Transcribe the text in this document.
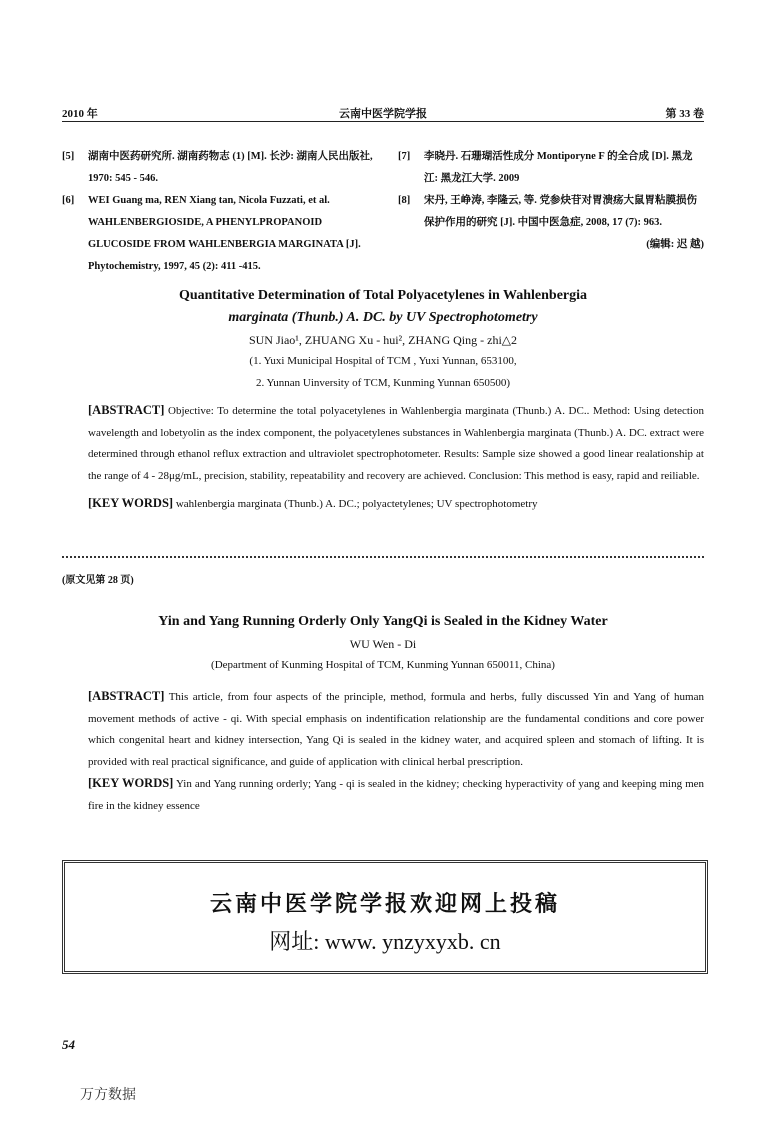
2010 年	云南中医学院学报	第 33 卷
[5] 湖南中医药研究所. 湖南药物志 (1) [M]. 长沙: 湖南人民出版社, 1970: 545 - 546.
[6] WEI Guang ma, REN Xiang tan, Nicola Fuzzati, et al. WAHLENBERGIOSIDE, A PHENYLPROPANOID GLUCOSIDE FROM WAHLENBERGIA MARGINATA [J]. Phytochemistry, 1997, 45 (2): 411 -415.
[7] 李晓丹. 石珊瑚活性成分 Montiporyne F 的全合成 [D]. 黑龙江: 黑龙江大学. 2009
[8] 宋丹, 王峥涛, 李隆云, 等. 党参炔苷对胃溃疡大鼠胃粘膜损伤保护作用的研究 [J]. 中国中医急症, 2008, 17 (7): 963.
(编辑: 迟 越)
Quantitative Determination of Total Polyacetylenes in Wahlenbergia
marginata (Thunb.) A. DC. by UV Spectrophotometry
SUN Jiao¹, ZHUANG Xu - hui², ZHANG Qing - zhi△2
(1. Yuxi Municipal Hospital of TCM , Yuxi Yunnan, 653100,
2. Yunnan Uinversity of TCM, Kunming Yunnan 650500)
[ABSTRACT] Objective: To determine the total polyacetylenes in Wahlenbergia marginata (Thunb.) A. DC.. Method: Using detection wavelength and lobetyolin as the index component, the polyacetylenes substances in Wahlenbergia marginata (Thunb.) A. DC. extract were determined through ethanol reflux extraction and ultraviolet spectrophotometer. Results: Sample size showed a good linear realationship at the range of 4 - 28μg/mL, precision, stability, repeatability and recovery are achieved. Conclusion: This method is easy, rapid and reiliable.
[KEY WORDS] wahlenbergia marginata (Thunb.) A. DC.; polyactetylenes; UV spectrophotometry
(原文见第 28 页)
Yin and Yang Running Orderly Only YangQi is Sealed in the Kidney Water
WU Wen - Di
(Department of Kunming Hospital of TCM, Kunming Yunnan 650011, China)
[ABSTRACT] This article, from four aspects of the principle, method, formula and herbs, fully discussed Yin and Yang of human movement methods of active - qi. With special emphasis on indentification relationship are the fundamental conditions and core power which congenital heart and kidney intersection, Yang Qi is sealed in the kidney water, and acquired spleen and stomach of lifting. It is provided with real practical significance, and guide of application with clinical herbal prescription.
[KEY WORDS] Yin and Yang running orderly; Yang - qi is sealed in the kidney; checking hyperactivity of yang and keeping ming men fire in the kidney essence
云南中医学院学报欢迎网上投稿
网址: www. ynzyxyxb. cn
54
万方数据
